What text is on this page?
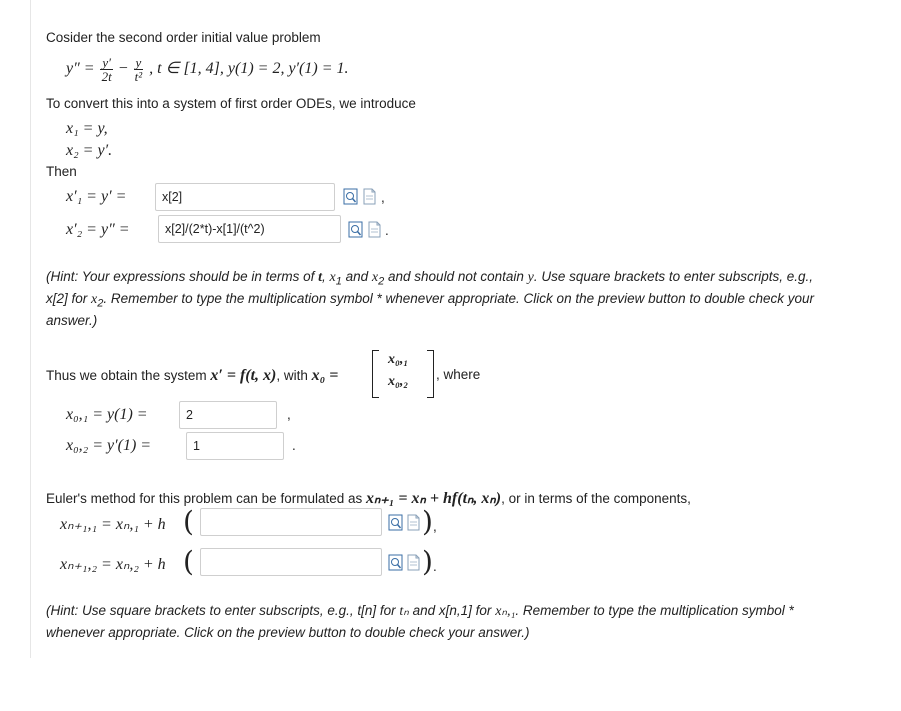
Cosider the second order initial value problem
$y'' = \frac{y'}{2t} - \frac{y}{\text{t²}}$ , t ∈ [1, 4], y(1) = 2, y′(1) = 1.
To convert this into a system of first order ODEs, we introduce
x₁ = y,
x₂ = y′.
Then
x′₁ = y′ =	x[2]	,
x′₂ = y″ =	x[2]/(2*t)-x[1]/(t^2)	.
(Hint: Your expressions should be in terms of t, $x_1$ and $x_2$ and should not contain y. Use square brackets to enter subscripts, e.g.,
x[2] for $x_2$. Remember to type the multiplication symbol * whenever appropriate. Click on the preview button to double check your
answer.)
Thus we obtain the system x′ = f(t, x), with x₀ =
x₀,₁
x₀,₂ , where
x₀,₁ = y(1) =	2	,
x₀,₂ = y′(1) =	1	.
Euler's method for this problem can be formulated as xₙ₊₁ = xₙ + hf(tₙ, xₙ), or in terms of the components,
xₙ₊₁,₁ = xₙ,₁ + h (	) ,
xₙ₊₁,₂ = xₙ,₂ + h (	) .
(Hint: Use square brackets to enter subscripts, e.g., t[n] for tₙ and x[n,1] for xₙ,₁. Remember to type the multiplication symbol *
whenever appropriate. Click on the preview button to double check your answer.)
